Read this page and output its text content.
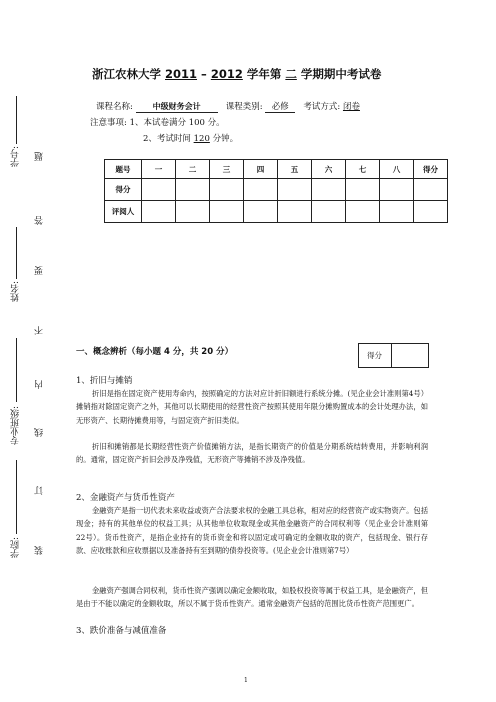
学号:
姓名:
专业班级:
学院: 装
订
线
内
不
要
答
题
浙江农林大学 2011 – 2012 学年第 二 学期期中考试卷
课程名称: 中级财务会计	课程类别: 必修 考试方式: 闭卷
注意事项: 1、本试卷满分 100 分。
2、考试时间 120 分钟。
题号	一	二	三	四	五	六	七	八	得分
得分									
评阅人									
一、概念辨析（每小题 4 分，共 20 分）	得分
1、折旧与摊销
折旧是指在固定资产使用寿命内，按照确定的方法对应计折旧额进行系统分摊。(见企业会计准则第4号）摊销指对除固定资产之外，其他可以长期使用的经营性资产按照其使用年限分摊购置成本的会计处理办法，如无形资产、长期待摊费用等，与固定资产折旧类似。
折旧和摊销都是长期经营性资产价值摊销方法，是指长期资产的价值是分期系统结转费用，并影响利润的。通常，固定资产折旧会涉及净残值，无形资产等摊销不涉及净残值。
2、金融资产与货币性资产
金融资产是指一切代表未来收益或资产合法要求权的金融工具总称，相对应的经营资产或实物资产。包括现金；持有的其他单位的权益工具；从其他单位收取现金或其他金融资产的合同权利等（见企业会计准则第22号）。货币性资产，是指企业持有的货币资金和将以固定或可确定的金额收取的资产，包括现金、银行存款、应收账款和应收票据以及准备持有至到期的债券投资等。(见企业会计准则第7号）
金融资产强调合同权利，货币性资产强调以确定金额收取，如股权投资等属于权益工具，是金融资产，但是由于不能以确定的金额收取，所以不属于货币性资产。通常金融资产包括的范围比货币性资产范围更广。
3、跌价准备与减值准备
1
